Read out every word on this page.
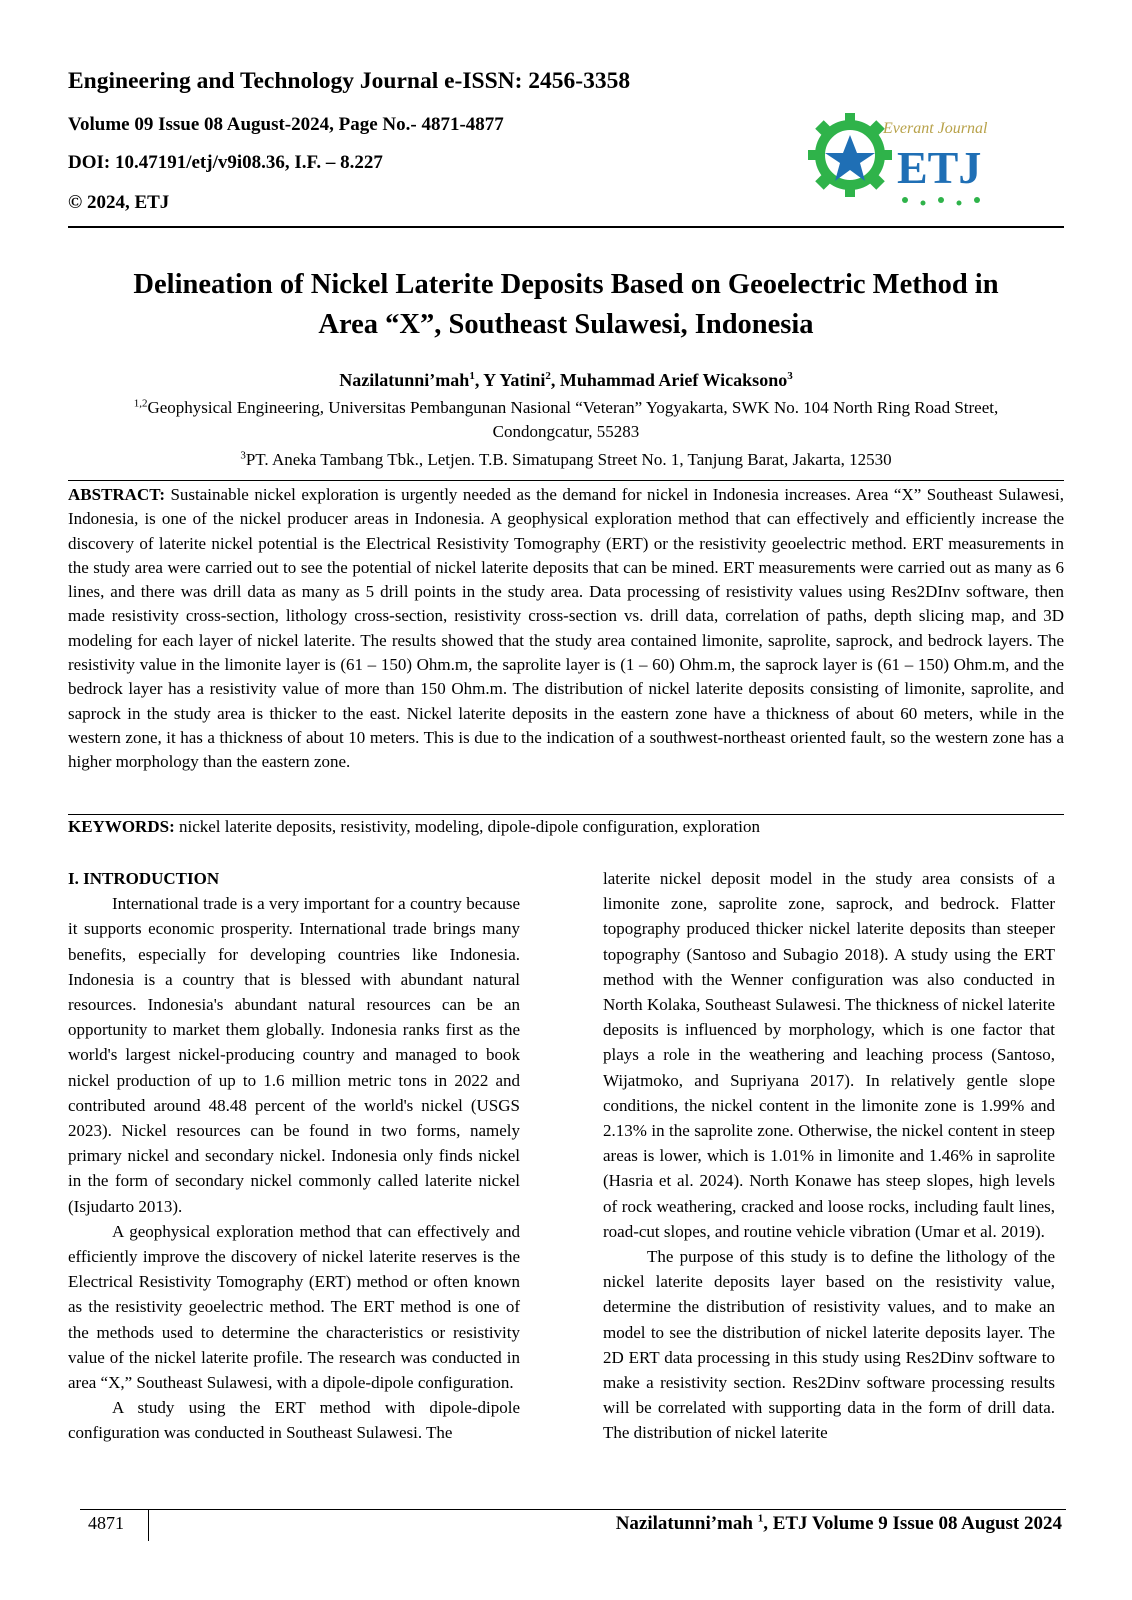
Engineering and Technology Journal e-ISSN: 2456-3358
Volume 09 Issue 08 August-2024, Page No.- 4871-4877
DOI: 10.47191/etj/v9i08.36, I.F. – 8.227
© 2024, ETJ
Everant Journal
ETJ
Delineation of Nickel Laterite Deposits Based on Geoelectric Method in
Area “X”, Southeast Sulawesi, Indonesia
Nazilatunni’mah$^1$, Y Yatini$^2$, Muhammad Arief Wicaksono$^3$
$^{1,2}$Geophysical Engineering, Universitas Pembangunan Nasional “Veteran” Yogyakarta, SWK No. 104 North Ring Road Street,
Condongcatur, 55283
$^3$PT. Aneka Tambang Tbk., Letjen. T.B. Simatupang Street No. 1, Tanjung Barat, Jakarta, 12530
ABSTRACT: Sustainable nickel exploration is urgently needed as the demand for nickel in Indonesia increases. Area “X” Southeast Sulawesi, Indonesia, is one of the nickel producer areas in Indonesia. A geophysical exploration method that can effectively and efficiently increase the discovery of laterite nickel potential is the Electrical Resistivity Tomography (ERT) or the resistivity geoelectric method. ERT measurements in the study area were carried out to see the potential of nickel laterite deposits that can be mined. ERT measurements were carried out as many as 6 lines, and there was drill data as many as 5 drill points in the study area. Data processing of resistivity values using Res2DInv software, then made resistivity cross-section, lithology cross-section, resistivity cross-section vs. drill data, correlation of paths, depth slicing map, and 3D modeling for each layer of nickel laterite. The results showed that the study area contained limonite, saprolite, saprock, and bedrock layers. The resistivity value in the limonite layer is (61 – 150) Ohm.m, the saprolite layer is (1 – 60) Ohm.m, the saprock layer is (61 – 150) Ohm.m, and the bedrock layer has a resistivity value of more than 150 Ohm.m. The distribution of nickel laterite deposits consisting of limonite, saprolite, and saprock in the study area is thicker to the east. Nickel laterite deposits in the eastern zone have a thickness of about 60 meters, while in the western zone, it has a thickness of about 10 meters. This is due to the indication of a southwest-northeast oriented fault, so the western zone has a higher morphology than the eastern zone.
KEYWORDS: nickel laterite deposits, resistivity, modeling, dipole-dipole configuration, exploration

I. INTRODUCTION

International trade is a very important for a country because it supports economic prosperity. International trade brings many benefits, especially for developing countries like Indonesia. Indonesia is a country that is blessed with abundant natural resources. Indonesia's abundant natural resources can be an opportunity to market them globally. Indonesia ranks first as the world's largest nickel-producing country and managed to book nickel production of up to 1.6 million metric tons in 2022 and contributed around 48.48 percent of the world's nickel (USGS 2023). Nickel resources can be found in two forms, namely primary nickel and secondary nickel. Indonesia only finds nickel in the form of secondary nickel commonly called laterite nickel (Isjudarto 2013).

A geophysical exploration method that can effectively and efficiently improve the discovery of nickel laterite reserves is the Electrical Resistivity Tomography (ERT) method or often known as the resistivity geoelectric method. The ERT method is one of the methods used to determine the characteristics or resistivity value of the nickel laterite profile. The research was conducted in area “X,” Southeast Sulawesi, with a dipole-dipole configuration.

A study using the ERT method with dipole-dipole configuration was conducted in Southeast Sulawesi. The

laterite nickel deposit model in the study area consists of a limonite zone, saprolite zone, saprock, and bedrock. Flatter topography produced thicker nickel laterite deposits than steeper topography (Santoso and Subagio 2018). A study using the ERT method with the Wenner configuration was also conducted in North Kolaka, Southeast Sulawesi. The thickness of nickel laterite deposits is influenced by morphology, which is one factor that plays a role in the weathering and leaching process (Santoso, Wijatmoko, and Supriyana 2017). In relatively gentle slope conditions, the nickel content in the limonite zone is 1.99% and 2.13% in the saprolite zone. Otherwise, the nickel content in steep areas is lower, which is 1.01% in limonite and 1.46% in saprolite (Hasria et al. 2024). North Konawe has steep slopes, high levels of rock weathering, cracked and loose rocks, including fault lines, road-cut slopes, and routine vehicle vibration (Umar et al. 2019).

The purpose of this study is to define the lithology of the nickel laterite deposits layer based on the resistivity value, determine the distribution of resistivity values, and to make an model to see the distribution of nickel laterite deposits layer. The 2D ERT data processing in this study using Res2Dinv software to make a resistivity section. Res2Dinv software processing results will be correlated with supporting data in the form of drill data. The distribution of nickel laterite

4871	Nazilatunni’mah $^1$, ETJ Volume 9 Issue 08 August 2024
